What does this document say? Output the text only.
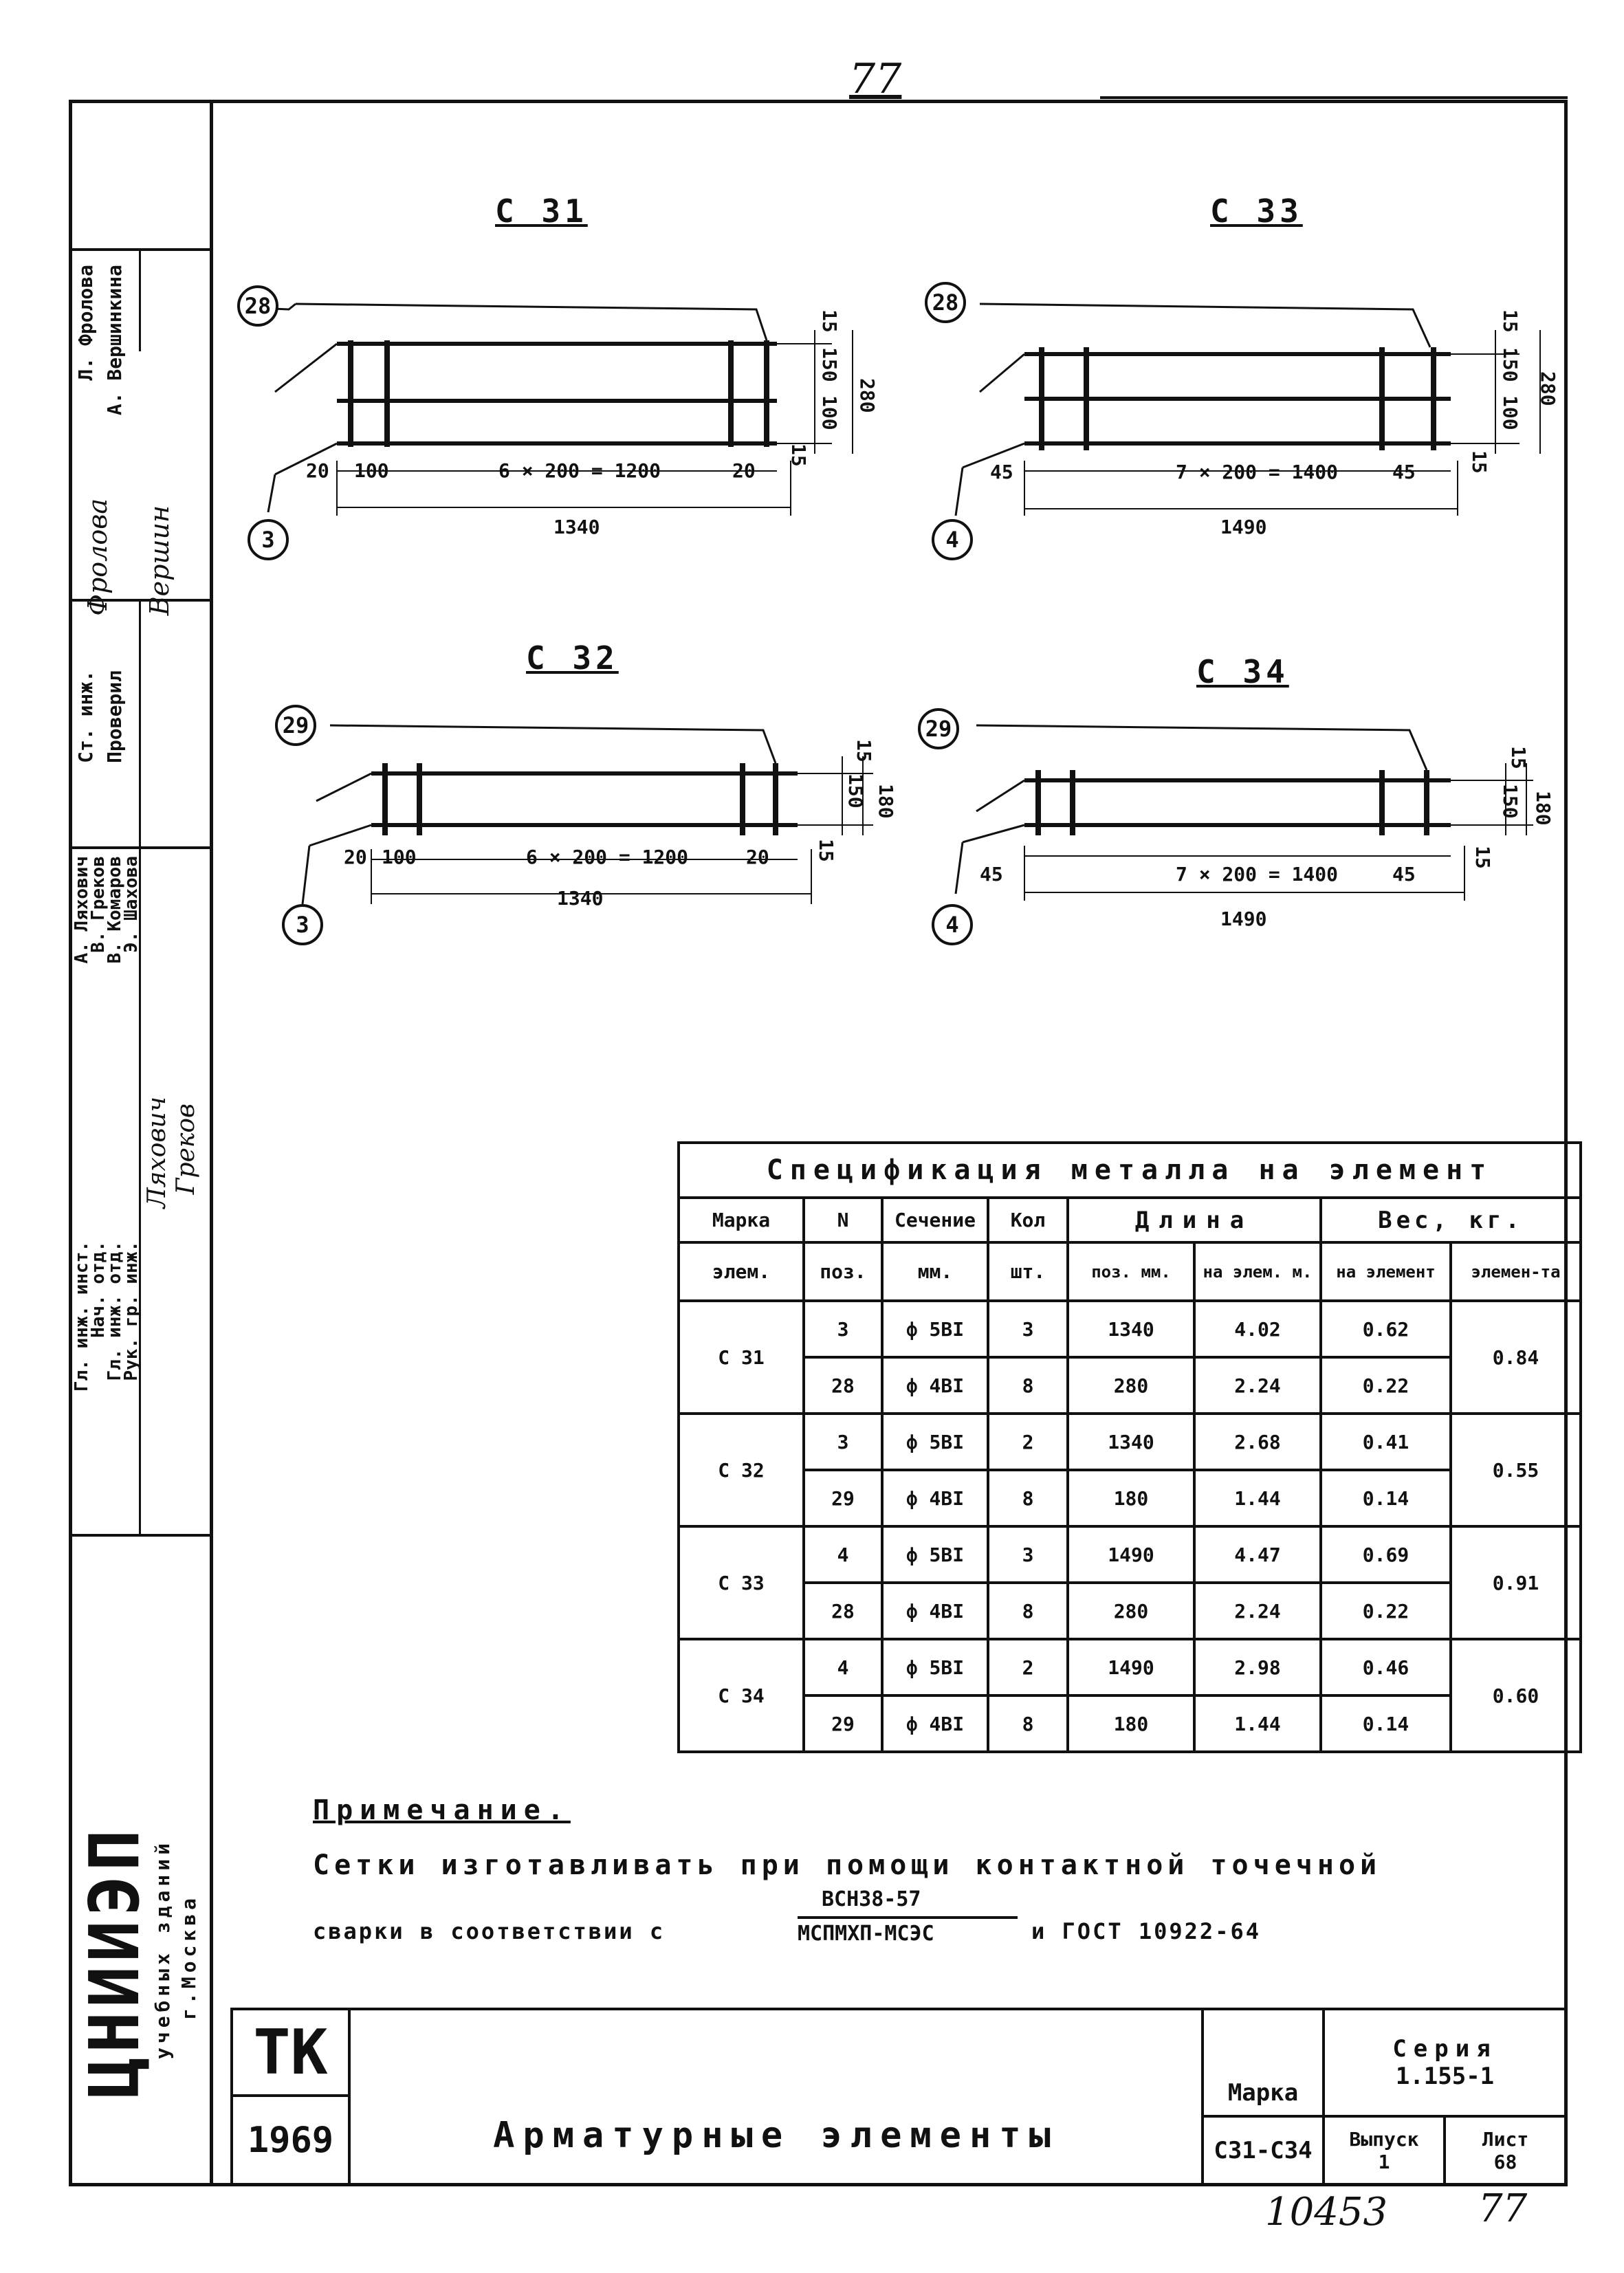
77
Л. Фролова А. Вершинкина
Фролова Вершин
Ст. инж. Проверил
А. Ляхович
В. Греков
В. Комаров
Э. Шахова
Ляхович Греков
Гл. инж. инст.
Нач. отд.
Гл. инж. отд.
Рук. гр. инж.
ЦНИИЭП
учебных зданий г.Москва
С 31	С 33
С 32	С 34
28
3
28
4
29
3
29
4
20 100	6 × 200 = 1200	20
1340
15
150
100
15
280
45	7 × 200 = 1400	45
1490
15
150
100
15
280
20 100	6 × 200 = 1200	20
1340
15
150
15
180
45	7 × 200 = 1400	45
1490
15
150
15
180
Спецификация металла на элемент							
Марка	N	Сечение	Кол	Длина		Вес, кг.	
элем.	поз.	мм.	шт.	поз. мм.	на элем. м.	на элемент	элемен-та
С 31	3	ф 5ВI	3	1340	4.02	0.62	0.84
	28	ф 4ВI	8	280	2.24	0.22	
С 32	3	ф 5ВI	2	1340	2.68	0.41	0.55
	29	ф 4ВI	8	180	1.44	0.14	
С 33	4	ф 5ВI	3	1490	4.47	0.69	0.91
	28	ф 4ВI	8	280	2.24	0.22	
С 34	4	ф 5ВI	2	1490	2.98	0.46	0.60
	29	ф 4ВI	8	180	1.44	0.14	
Примечание.
Сетки изготавливать при помощи контактной точечной
сварки в соответствии с
ВСН38-57
МСПМХП-МСЭС	и ГОСТ 10922-64
ТК
1969	Арматурные элементы
Марка
С31-С34
Серия
1.155-1
Выпуск
1
Лист
68
10453 77
